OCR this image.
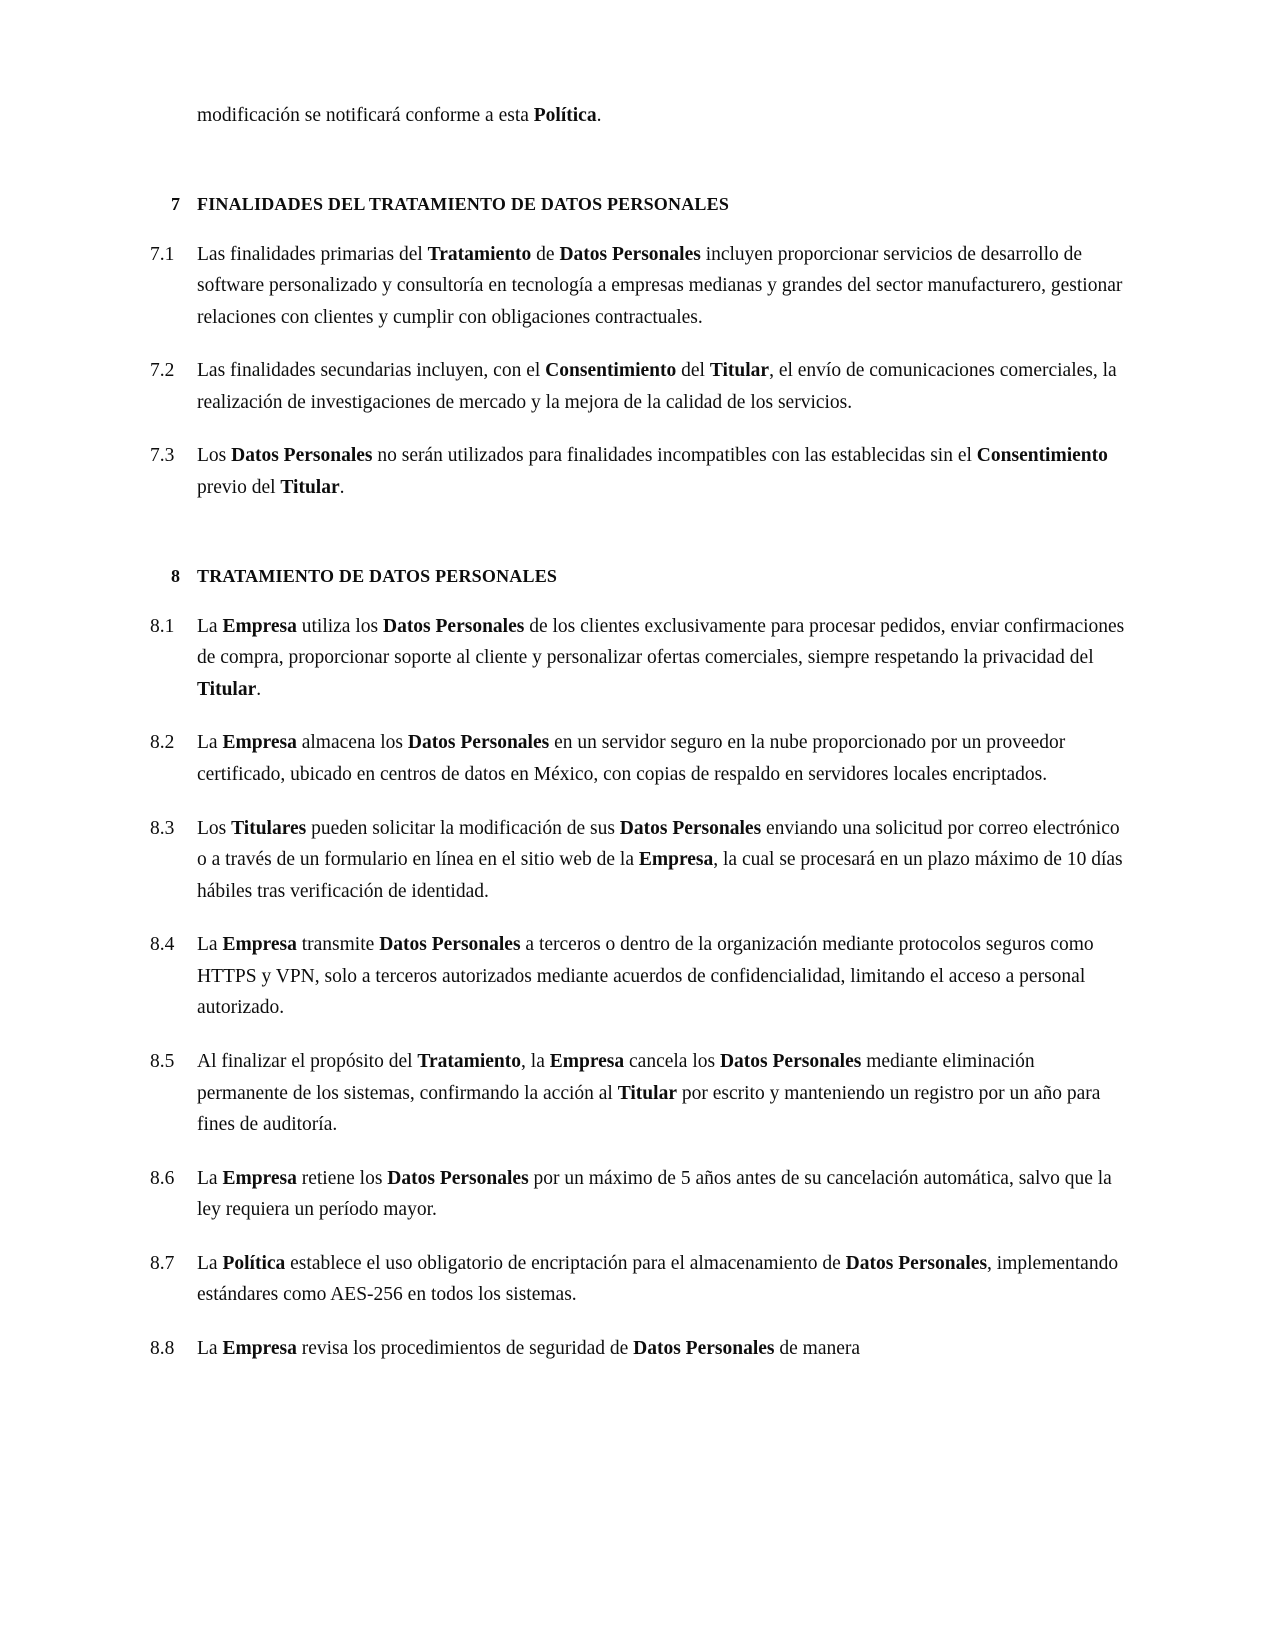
modificación se notificará conforme a esta Política.

7 FINALIDADES DEL TRATAMIENTO DE DATOS PERSONALES
7.1	Las finalidades primarias del Tratamiento de Datos Personales incluyen proporcionar servicios de desarrollo de software personalizado y consultoría en tecnología a empresas medianas y grandes del sector manufacturero, gestionar relaciones con clientes y cumplir con obligaciones contractuales.
7.2	Las finalidades secundarias incluyen, con el Consentimiento del Titular, el envío de comunicaciones comerciales, la realización de investigaciones de mercado y la mejora de la calidad de los servicios.
7.3	Los Datos Personales no serán utilizados para finalidades incompatibles con las establecidas sin el Consentimiento previo del Titular.
8 TRATAMIENTO DE DATOS PERSONALES
8.1	La Empresa utiliza los Datos Personales de los clientes exclusivamente para procesar pedidos, enviar confirmaciones de compra, proporcionar soporte al cliente y personalizar ofertas comerciales, siempre respetando la privacidad del Titular.
8.2	La Empresa almacena los Datos Personales en un servidor seguro en la nube proporcionado por un proveedor certificado, ubicado en centros de datos en México, con copias de respaldo en servidores locales encriptados.
8.3	Los Titulares pueden solicitar la modificación de sus Datos Personales enviando una solicitud por correo electrónico o a través de un formulario en línea en el sitio web de la Empresa, la cual se procesará en un plazo máximo de 10 días hábiles tras verificación de identidad.
8.4	La Empresa transmite Datos Personales a terceros o dentro de la organización mediante protocolos seguros como HTTPS y VPN, solo a terceros autorizados mediante acuerdos de confidencialidad, limitando el acceso a personal autorizado.
8.5	Al finalizar el propósito del Tratamiento, la Empresa cancela los Datos Personales mediante eliminación permanente de los sistemas, confirmando la acción al Titular por escrito y manteniendo un registro por un año para fines de auditoría.
8.6	La Empresa retiene los Datos Personales por un máximo de 5 años antes de su cancelación automática, salvo que la ley requiera un período mayor.
8.7	La Política establece el uso obligatorio de encriptación para el almacenamiento de Datos Personales, implementando estándares como AES-256 en todos los sistemas.
8.8	La Empresa revisa los procedimientos de seguridad de Datos Personales de manera
